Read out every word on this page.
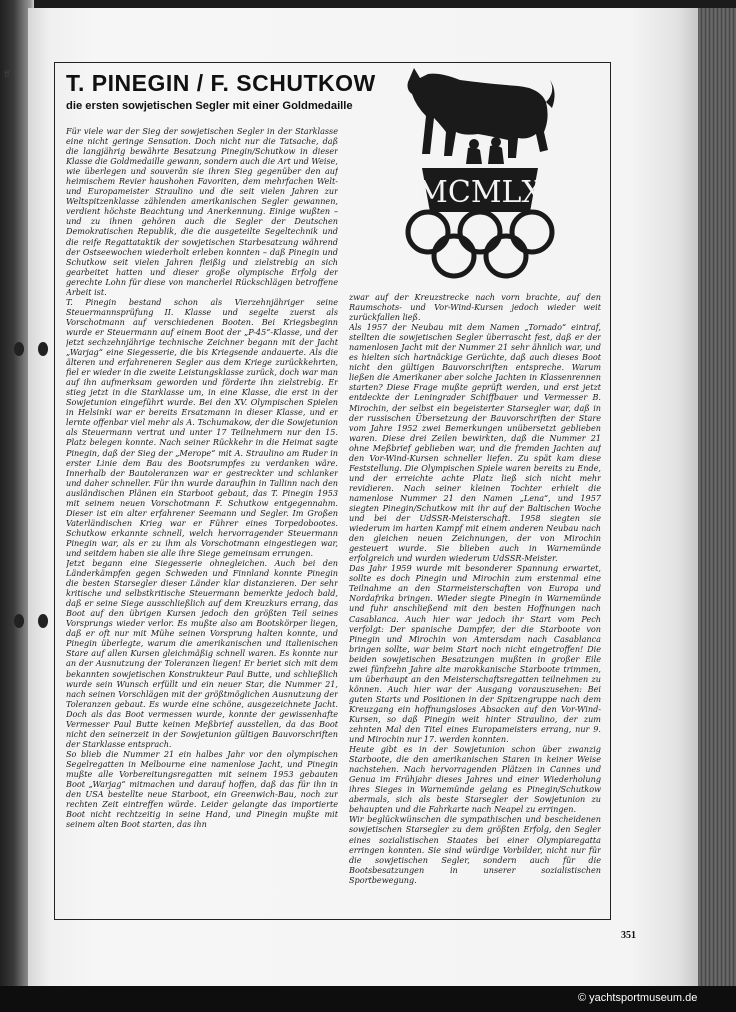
ff T. PINEGIN / F. SCHUTKOW
die ersten sowjetischen Segler mit einer Goldmedaille
MCMLX

Für viele war der Sieg der sowjetischen Segler in der Starklasse eine nicht geringe Sensation. Doch nicht nur die Tatsache, daß die langjährig bewährte Besatzung Pinegin/Schutkow in dieser Klasse die Goldmedaille gewann, sondern auch die Art und Weise, wie überlegen und souverän sie ihren Sieg gegenüber den auf heimischem Revier haushohen Favoriten, dem mehrfachen Welt- und Europameister Straulino und die seit vielen Jahren zur Weltspitzenklasse zählenden amerikanischen Segler gewannen, verdient höchste Beachtung und Anerkennung. Einige wußten – und zu ihnen gehören auch die Segler der Deutschen Demokratischen Republik, die die ausgeteilte Segeltechnik und die reife Regattataktik der sowjetischen Starbesatzung während der Ostseewochen wiederholt erleben konnten – daß Pinegin und Schutkow seit vielen Jahren fleißig und zielstrebig an sich gearbeitet hatten und dieser große olympische Erfolg der gerechte Lohn für diese von mancherlei Rückschlägen betroffene Arbeit ist.

T. Pinegin bestand schon als Vierzehnjähriger seine Steuermannsprüfung II. Klasse und segelte zuerst als Vorschotmann auf verschiedenen Booten. Bei Kriegsbeginn wurde er Steuermann auf einem Boot der „P-45“-Klasse, und der jetzt sechzehnjährige technische Zeichner begann mit der Jacht „Warjag“ eine Siegesserie, die bis Kriegsende andauerte. Als die älteren und erfahreneren Segler aus dem Kriege zurückkehrten, fiel er wieder in die zweite Leistungsklasse zurück, doch war man auf ihn aufmerksam geworden und förderte ihn zielstrebig. Er stieg jetzt in die Starklasse um, in eine Klasse, die erst in der Sowjetunion eingeführt wurde. Bei den XV. Olympischen Spielen in Helsinki war er bereits Ersatzmann in dieser Klasse, und er lernte offenbar viel mehr als A. Tschumakow, der die Sowjetunion als Steuermann vertrat und unter 17 Teilnehmern nur den 15. Platz belegen konnte. Nach seiner Rückkehr in die Heimat sagte Pinegin, daß der Sieg der „Merope“ mit A. Straulino am Ruder in erster Linie dem Bau des Bootsrumpfes zu verdanken wäre. Innerhalb der Bautoleranzen war er gestreckter und schlanker und daher schneller. Für ihn wurde daraufhin in Tallinn nach den ausländischen Plänen ein Starboot gebaut, das T. Pinegin 1953 mit seinem neuen Vorschotmann F. Schutkow entgegennahm. Dieser ist ein alter erfahrener Seemann und Segler. Im Großen Vaterländischen Krieg war er Führer eines Torpedobootes. Schutkow erkannte schnell, welch hervorragender Steuermann Pinegin war, als er zu ihm als Vorschotmann eingestiegen war, und seitdem haben sie alle ihre Siege gemeinsam errungen.

Jetzt begann eine Siegesserie ohnegleichen. Auch bei den Länderkämpfen gegen Schweden und Finnland konnte Pinegin die besten Starsegler dieser Länder klar distanzieren. Der sehr kritische und selbstkritische Steuermann bemerkte jedoch bald, daß er seine Siege ausschließlich auf dem Kreuzkurs errang, das Boot auf den übrigen Kursen jedoch den größten Teil seines Vorsprungs wieder verlor. Es mußte also am Bootskörper liegen, daß er oft nur mit Mühe seinen Vorsprung halten konnte, und Pinegin überlegte, warum die amerikanischen und italienischen Stare auf allen Kursen gleichmäßig schnell waren. Es konnte nur an der Ausnutzung der Toleranzen liegen! Er beriet sich mit dem bekannten sowjetischen Konstrukteur Paul Butte, und schließlich wurde sein Wunsch erfüllt und ein neuer Star, die Nummer 21, nach seinen Vorschlägen mit der größtmöglichen Ausnutzung der Toleranzen gebaut. Es wurde eine schöne, ausgezeichnete Jacht. Doch als das Boot vermessen wurde, konnte der gewissenhafte Vermesser Paul Butte keinen Meßbrief ausstellen, da das Boot nicht den seinerzeit in der Sowjetunion gültigen Bauvorschriften der Starklasse entsprach.

So blieb die Nummer 21 ein halbes Jahr vor den olympischen Segelregatten in Melbourne eine namenlose Jacht, und Pinegin mußte alle Vorbereitungsregatten mit seinem 1953 gebauten Boot „Warjag“ mitmachen und darauf hoffen, daß das für ihn in den USA bestellte neue Starboot, ein Greenwich-Bau, noch zur rechten Zeit eintreffen würde. Leider gelangte das importierte Boot nicht rechtzeitig in seine Hand, und Pinegin mußte mit seinem alten Boot starten, das ihn

zwar auf der Kreuzstrecke nach vorn brachte, auf den Raumschots- und Vor-Wind-Kursen jedoch wieder weit zurückfallen ließ.

Als 1957 der Neubau mit dem Namen „Tornado“ eintraf, stellten die sowjetischen Segler überrascht fest, daß er der namenlosen Jacht mit der Nummer 21 sehr ähnlich war, und es hielten sich hartnäckige Gerüchte, daß auch dieses Boot nicht den gültigen Bauvorschriften entspreche. Warum ließen die Amerikaner aber solche Jachten in Klassenrennen starten? Diese Frage mußte geprüft werden, und erst jetzt entdeckte der Leningrader Schiffbauer und Vermesser B. Mirochin, der selbst ein begeisterter Starsegler war, daß in der russischen Übersetzung der Bauvorschriften der Stare vom Jahre 1952 zwei Bemerkungen unübersetzt geblieben waren. Diese drei Zeilen bewirkten, daß die Nummer 21 ohne Meßbrief geblieben war, und die fremden Jachten auf den Vor-Wind-Kursen schneller liefen. Zu spät kam diese Feststellung. Die Olympischen Spiele waren bereits zu Ende, und der erreichte achte Platz ließ sich nicht mehr revidieren. Nach seiner kleinen Tochter erhielt die namenlose Nummer 21 den Namen „Lena“, und 1957 siegten Pinegin/Schutkow mit ihr auf der Baltischen Woche und bei der UdSSR-Meisterschaft. 1958 siegten sie wiederum im harten Kampf mit einem anderen Neubau nach den gleichen neuen Zeichnungen, der von Mirochin gesteuert wurde. Sie blieben auch in Warnemünde erfolgreich und wurden wiederum UdSSR-Meister.

Das Jahr 1959 wurde mit besonderer Spannung erwartet, sollte es doch Pinegin und Mirochin zum erstenmal eine Teilnahme an den Starmeisterschaften von Europa und Nordafrika bringen. Wieder siegte Pinegin in Warnemünde und fuhr anschließend mit den besten Hoffnungen nach Casablanca. Auch hier war jedoch ihr Start vom Pech verfolgt: Der spanische Dampfer, der die Starboote von Pinegin und Mirochin von Amtersdam nach Casablanca bringen sollte, war beim Start noch nicht eingetroffen! Die beiden sowjetischen Besatzungen mußten in großer Eile zwei fünfzehn Jahre alte marokkanische Starboote trimmen, um überhaupt an den Meisterschaftsregatten teilnehmen zu können. Auch hier war der Ausgang vorauszusehen: Bei guten Starts und Positionen in der Spitzengruppe nach dem Kreuzgang ein hoffnungsloses Absacken auf den Vor-Wind-Kursen, so daß Pinegin weit hinter Straulino, der zum zehnten Mal den Titel eines Europameisters errang, nur 9. und Mirochin nur 17. werden konnten.

Heute gibt es in der Sowjetunion schon über zwanzig Starboote, die den amerikanischen Staren in keiner Weise nachstehen. Nach hervorragenden Plätzen in Cannes und Genua im Frühjahr dieses Jahres und einer Wiederholung ihres Sieges in Warnemünde gelang es Pinegin/Schutkow abermals, sich als beste Starsegler der Sowjetunion zu behaupten und die Fahrkarte nach Neapel zu erringen.

Wir beglückwünschen die sympathischen und bescheidenen sowjetischen Starsegler zu dem größten Erfolg, den Segler eines sozialistischen Staates bei einer Olympiaregatta erringen konnten. Sie sind würdige Vorbilder, nicht nur für die sowjetischen Segler, sondern auch für die Bootsbesatzungen in unserer sozialistischen Sportbewegung.

351
© yachtsportmuseum.de
